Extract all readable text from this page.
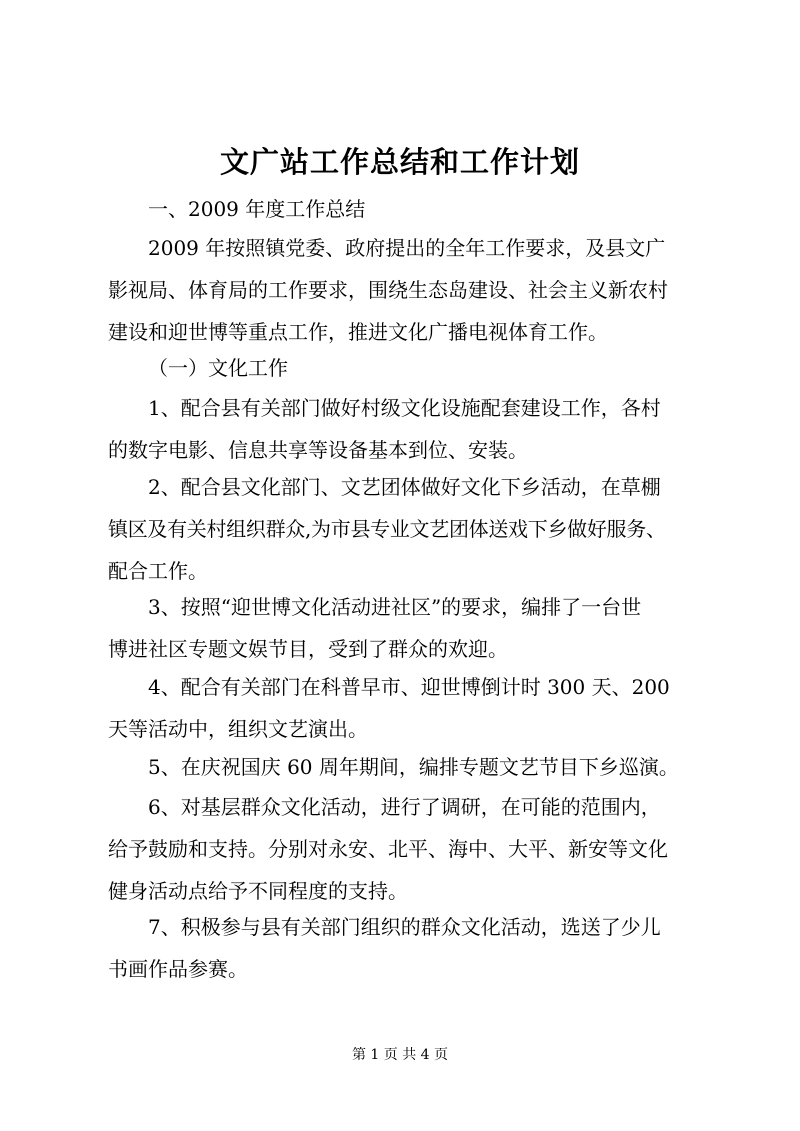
文广站工作总结和工作计划
一、2009 年度工作总结
2009 年按照镇党委、政府提出的全年工作要求，及县文广
影视局、体育局的工作要求，围绕生态岛建设、社会主义新农村
建设和迎世博等重点工作，推进文化广播电视体育工作。
（一）文化工作
1、配合县有关部门做好村级文化设施配套建设工作，各村
的数字电影、信息共享等设备基本到位、安装。
2、配合县文化部门、文艺团体做好文化下乡活动，在草棚
镇区及有关村组织群众,为市县专业文艺团体送戏下乡做好服务、
配合工作。
3、按照“迎世博文化活动进社区”的要求，编排了一台世
博进社区专题文娱节目，受到了群众的欢迎。
4、配合有关部门在科普早市、迎世博倒计时 300 天、200
天等活动中，组织文艺演出。
5、在庆祝国庆 60 周年期间，编排专题文艺节目下乡巡演。
6、对基层群众文化活动，进行了调研，在可能的范围内，
给予鼓励和支持。分别对永安、北平、海中、大平、新安等文化
健身活动点给予不同程度的支持。
7、积极参与县有关部门组织的群众文化活动，选送了少儿
书画作品参赛。
第 1 页 共 4 页
